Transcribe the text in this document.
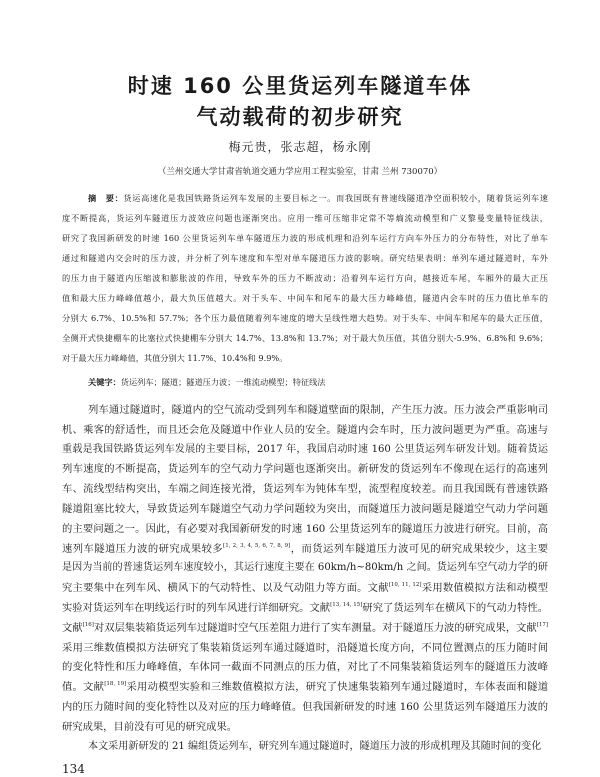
时速 160 公里货运列车隧道车体
气动载荷的初步研究
梅元贵，张志超，杨永刚
（兰州交通大学甘肃省轨道交通力学应用工程实验室，甘肃 兰州 730070）
摘　要：货运高速化是我国铁路货运列车发展的主要目标之一。而我国既有普速线隧道净空面积较小，随着货运列车速
度不断提高，货运列车隧道压力波效应问题也逐渐突出。应用一维可压缩非定常不等熵流动模型和广义黎曼变量特征线法，
研究了我国新研发的时速 160 公里货运列车单车隧道压力波的形成机理和沿列车运行方向车外压力的分布特性，对比了单车
通过和隧道内交会时的压力波，并分析了列车速度和车型对单车隧道压力波的影响。研究结果表明：单列车通过隧道时，车外
的压力由于隧道内压缩波和膨胀波的作用，导致车外的压力不断波动；沿着列车运行方向，越接近车尾，车厢外的最大正压
值和最大压力峰峰值越小，最大负压值越大。对于头车、中间车和尾车的最大压力峰峰值，隧道内会车时的压力值比单车的
分别大 6.7%、10.5%和 57.7%；各个压力最值随着列车速度的增大呈线性增大趋势。对于头车、中间车和尾车的最大正压值，
全侧开式快捷棚车的比塞拉式快捷棚车分别大 14.7%、13.8%和 13.7%；对于最大负压值，其值分别大-5.9%、6.8%和 9.6%；
对于最大压力峰峰值，其值分别大 11.7%、10.4%和 9.9%。
关键字：货运列车；隧道；隧道压力波；一维流动模型；特征线法
列车通过隧道时，隧道内的空气流动受到列车和隧道壁面的限制，产生压力波。压力波会严重影响司
机、乘客的舒适性，而且还会危及隧道中作业人员的安全。隧道内会车时，压力波问题更为严重。高速与
重载是我国铁路货运列车发展的主要目标，2017 年，我国启动时速 160 公里货运列车研发计划。随着货运
列车速度的不断提高，货运列车的空气动力学问题也逐渐突出。新研发的货运列车不像现在运行的高速列
车、流线型结构突出，车端之间连接光滑，货运列车为钝体车型，流型程度较差。而且我国既有普速铁路
隧道阻塞比较大，导致货运列车隧道空气动力学问题较为突出，而隧道压力波问题是隧道空气动力学问题
的主要问题之一。因此，有必要对我国新研发的时速 160 公里货运列车的隧道压力波进行研究。目前，高
速列车隧道压力波的研究成果较多[1, 2, 3, 4, 5, 6, 7, 8, 9]，而货运列车隧道压力波可见的研究成果较少，这主要
是因为当前的普速货运列车速度较小，其运行速度主要在 60km/h~80km/h 之间。货运列车空气动力学的研
究主要集中在列车风、横风下的气动特性、以及气动阻力等方面。文献[10, 11, 12]采用数值模拟方法和动模型
实验对货运列车在明线运行时的列车风进行详细研究。文献[13, 14, 15]研究了货运列车在横风下的气动力特性。
文献[16]对双层集装箱货运列车过隧道时空气压差阻力进行了实车测量。对于隧道压力波的研究成果，文献[17]
采用三维数值模拟方法研究了集装箱货运列车通过隧道时，沿隧道长度方向，不同位置测点的压力随时间
的变化特性和压力峰峰值，车体同一截面不同测点的压力值，对比了不同集装箱货运列车的隧道压力波峰
值。文献[18, 19]采用动模型实验和三维数值模拟方法，研究了快速集装箱列车通过隧道时，车体表面和隧道
内的压力随时间的变化特性以及对应的压力峰峰值。但我国新研发的时速 160 公里货运列车隧道压力波的
研究成果，目前没有可见的研究成果。
本文采用新研发的 21 编组货运列车，研究列车通过隧道时，隧道压力波的形成机理及其随时间的变化
134
